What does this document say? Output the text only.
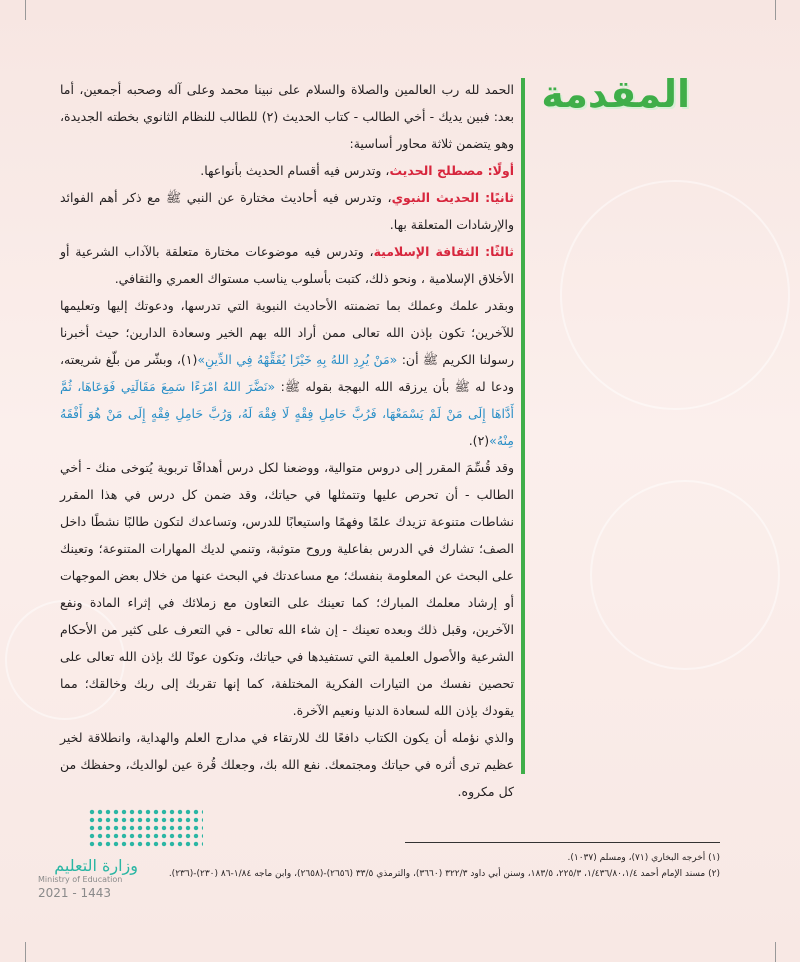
المقدمة

الحمد لله رب العالمين والصلاة والسلام على نبينا محمد وعلى آله وصحبه أجمعين، أما بعد: فبين يديك - أخي الطالب - كتاب الحديث (٢) للطالب للنظام الثانوي بخطته الجديدة، وهو يتضمن ثلاثة محاور أساسية:

أولًا: مصطلح الحديث، وتدرس فيه أقسام الحديث بأنواعها.

ثانيًا: الحديث النبوي، وتدرس فيه أحاديث مختارة عن النبي ﷺ مع ذكر أهم الفوائد والإرشادات المتعلقة بها.

ثالثًا: الثقافة الإسلامية، وتدرس فيه موضوعات مختارة متعلقة بالآداب الشرعية أو الأخلاق الإسلامية ، ونحو ذلك، كتبت بأسلوب يناسب مستواك العمري والثقافي.

وبقدر علمك وعملك بما تضمنته الأحاديث النبوية التي تدرسها، ودعوتك إليها وتعليمها للآخرين؛ تكون بإذن الله تعالى ممن أراد الله بهم الخير وسعادة الدارين؛ حيث أخبرنا رسولنا الكريم ﷺ أن: «مَنْ يُرِدِ اللهُ بِهِ خَيْرًا يُفَقِّهْهُ فِي الدِّينِ»(١)، وبشّر من بلّغ شريعته، ودعا له ﷺ بأن يرزقه الله البهجة بقوله ﷺ: «نَضَّرَ اللهُ امْرَءًا سَمِعَ مَقَالَتِي فَوَعَاهَا، ثُمَّ أَدَّاهَا إِلَى مَنْ لَمْ يَسْمَعْهَا، فَرُبَّ حَامِلِ فِقْهٍ لَا فِقْهَ لَهُ، وَرُبَّ حَامِلِ فِقْهٍ إِلَى مَنْ هُوَ أَفْقَهُ مِنْهُ»(٢).

وقد قُسِّمَ المقرر إلى دروس متوالية، ووضعنا لكل درس أهدافًا تربوية يُتوخى منك - أخي الطالب - أن تحرص عليها وتتمثلها في حياتك، وقد ضمن كل درس في هذا المقرر نشاطات متنوعة تزيدك علمًا وفهمًا واستيعابًا للدرس، وتساعدك لتكون طالبًا نشطًا داخل الصف؛ تشارك في الدرس بفاعلية وروح متوثبة، وتنمي لديك المهارات المتنوعة؛ وتعينك على البحث عن المعلومة بنفسك؛ مع مساعدتك في البحث عنها من خلال بعض الموجهات أو إرشاد معلمك المبارك؛ كما تعينك على التعاون مع زملائك في إثراء المادة ونفع الآخرين، وقبل ذلك وبعده تعينك - إن شاء الله تعالى - في التعرف على كثير من الأحكام الشرعية والأصول العلمية التي تستفيدها في حياتك، وتكون عونًا لك بإذن الله تعالى على تحصين نفسك من التيارات الفكرية المختلفة، كما إنها تقربك إلى ربك وخالقك؛ مما يقودك بإذن الله لسعادة الدنيا ونعيم الآخرة.

والذي نؤمله أن يكون الكتاب دافعًا لك للارتقاء في مدارج العلم والهداية، وانطلاقة لخير عظيم ترى أثره في حياتك ومجتمعك. نفع الله بك، وجعلك قُرة عين لوالديك، وحفظك من كل مكروه.

(١) أخرجه البخاري (٧١)، ومسلم (١٠٣٧).
(٢) مسند الإمام أحمد ١/٤٣٦/٨٠،١/٤، ٢٢٥/٣، ١٨٣/٥، وسنن أبي داود ٣٢٢/٣ (٣٦٦٠)، والترمذي ٣٣/٥ (٢٦٥٦)-(٢٦٥٨)، وابن ماجه ١/٨٤-٨٦ (٢٣٠)-(٢٣٦).
وزارة التعليم
Ministry of Education
2021 - 1443
